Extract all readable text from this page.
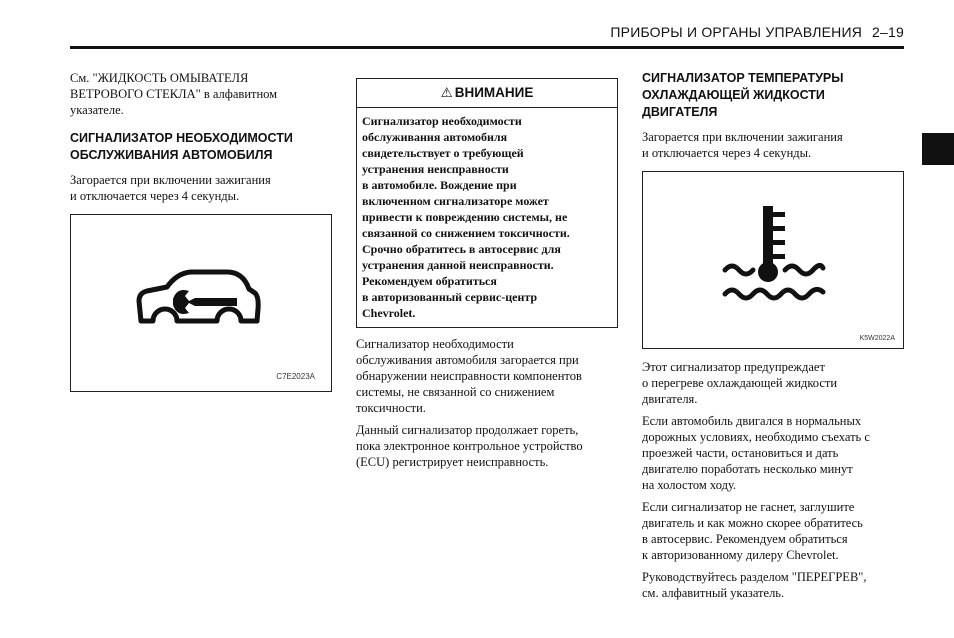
ПРИБОРЫ И ОРГАНЫ УПРАВЛЕНИЯ 2–19

См. "ЖИДКОСТЬ ОМЫВАТЕЛЯ
ВЕТРОВОГО СТЕКЛА" в алфавитном
указателе.

СИГНАЛИЗАТОР НЕОБХОДИМОСТИ
ОБСЛУЖИВАНИЯ АВТОМОБИЛЯ

Загорается при включении зажигания
и отключается через 4 секунды.

C7E2023A
⚠ ВНИМАНИЕ
Сигнализатор необходимости
обслуживания автомобиля
свидетельствует о требующей
устранения неисправности
в автомобиле. Вождение при
включенном сигнализаторе может
привести к повреждению системы, не
связанной со снижением токсичности.
Срочно обратитесь в автосервис для
устранения данной неисправности.
Рекомендуем обратиться
в авторизованный сервис-центр
Chevrolet.

Сигнализатор необходимости
обслуживания автомобиля загорается при
обнаружении неисправности компонентов
системы, не связанной со снижением
токсичности.

Данный сигнализатор продолжает гореть,
пока электронное контрольное устройство
(ECU) регистрирует неисправность.

СИГНАЛИЗАТОР ТЕМПЕРАТУРЫ
ОХЛАЖДАЮЩЕЙ ЖИДКОСТИ
ДВИГАТЕЛЯ

Загорается при включении зажигания
и отключается через 4 секунды.

K5W2022A

Этот сигнализатор предупреждает
о перегреве охлаждающей жидкости
двигателя.

Если автомобиль двигался в нормальных
дорожных условиях, необходимо съехать с
проезжей части, остановиться и дать
двигателю поработать несколько минут
на холостом ходу.

Если сигнализатор не гаснет, заглушите
двигатель и как можно скорее обратитесь
в автосервис. Рекомендуем обратиться
к авторизованному дилеру Chevrolet.

Руководствуйтесь разделом "ПЕРЕГРЕВ",
см. алфавитный указатель.
